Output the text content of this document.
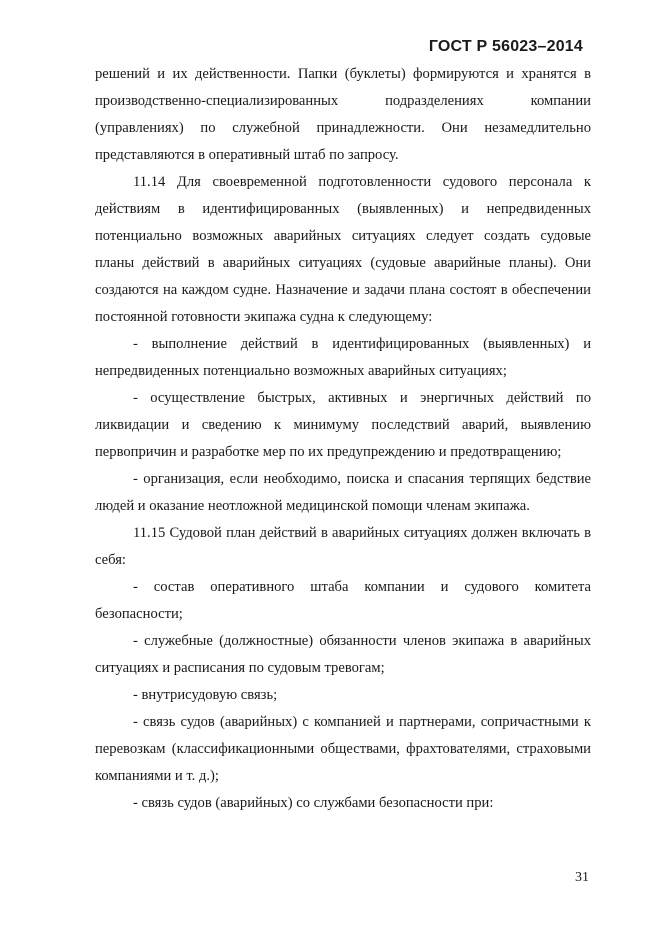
ГОСТ Р 56023–2014

решений и их действенности. Папки (буклеты) формируются и хранятся в производственно-специализированных подразделениях компании (управлениях) по служебной принадлежности. Они незамедлительно представляются в оперативный штаб по запросу.

11.14 Для своевременной подготовленности судового персонала к действиям в идентифицированных (выявленных) и непредвиденных потенциально возможных аварийных ситуациях следует создать судовые планы действий в аварийных ситуациях (судовые аварийные планы). Они создаются на каждом судне. Назначение и задачи плана состоят в обеспечении постоянной готовности экипажа судна к следующему:

- выполнение действий в идентифицированных (выявленных) и непредвиденных потенциально возможных аварийных ситуациях;

- осуществление быстрых, активных и энергичных действий по ликвидации и сведению к минимуму последствий аварий, выявлению первопричин и разработке мер по их предупреждению и предотвращению;

- организация, если необходимо, поиска и спасания терпящих бедствие людей и оказание неотложной медицинской помощи членам экипажа.

11.15 Судовой план действий в аварийных ситуациях должен включать в себя:

- состав оперативного штаба компании и судового комитета безопасности;

- служебные (должностные) обязанности членов экипажа в аварийных ситуациях и расписания по судовым тревогам;

- внутрисудовую связь;

- связь судов (аварийных) с компанией и партнерами, сопричастными к перевозкам (классификационными обществами, фрахтователями, страховыми компаниями и т. д.);

- связь судов (аварийных) со службами безопасности при:

31
